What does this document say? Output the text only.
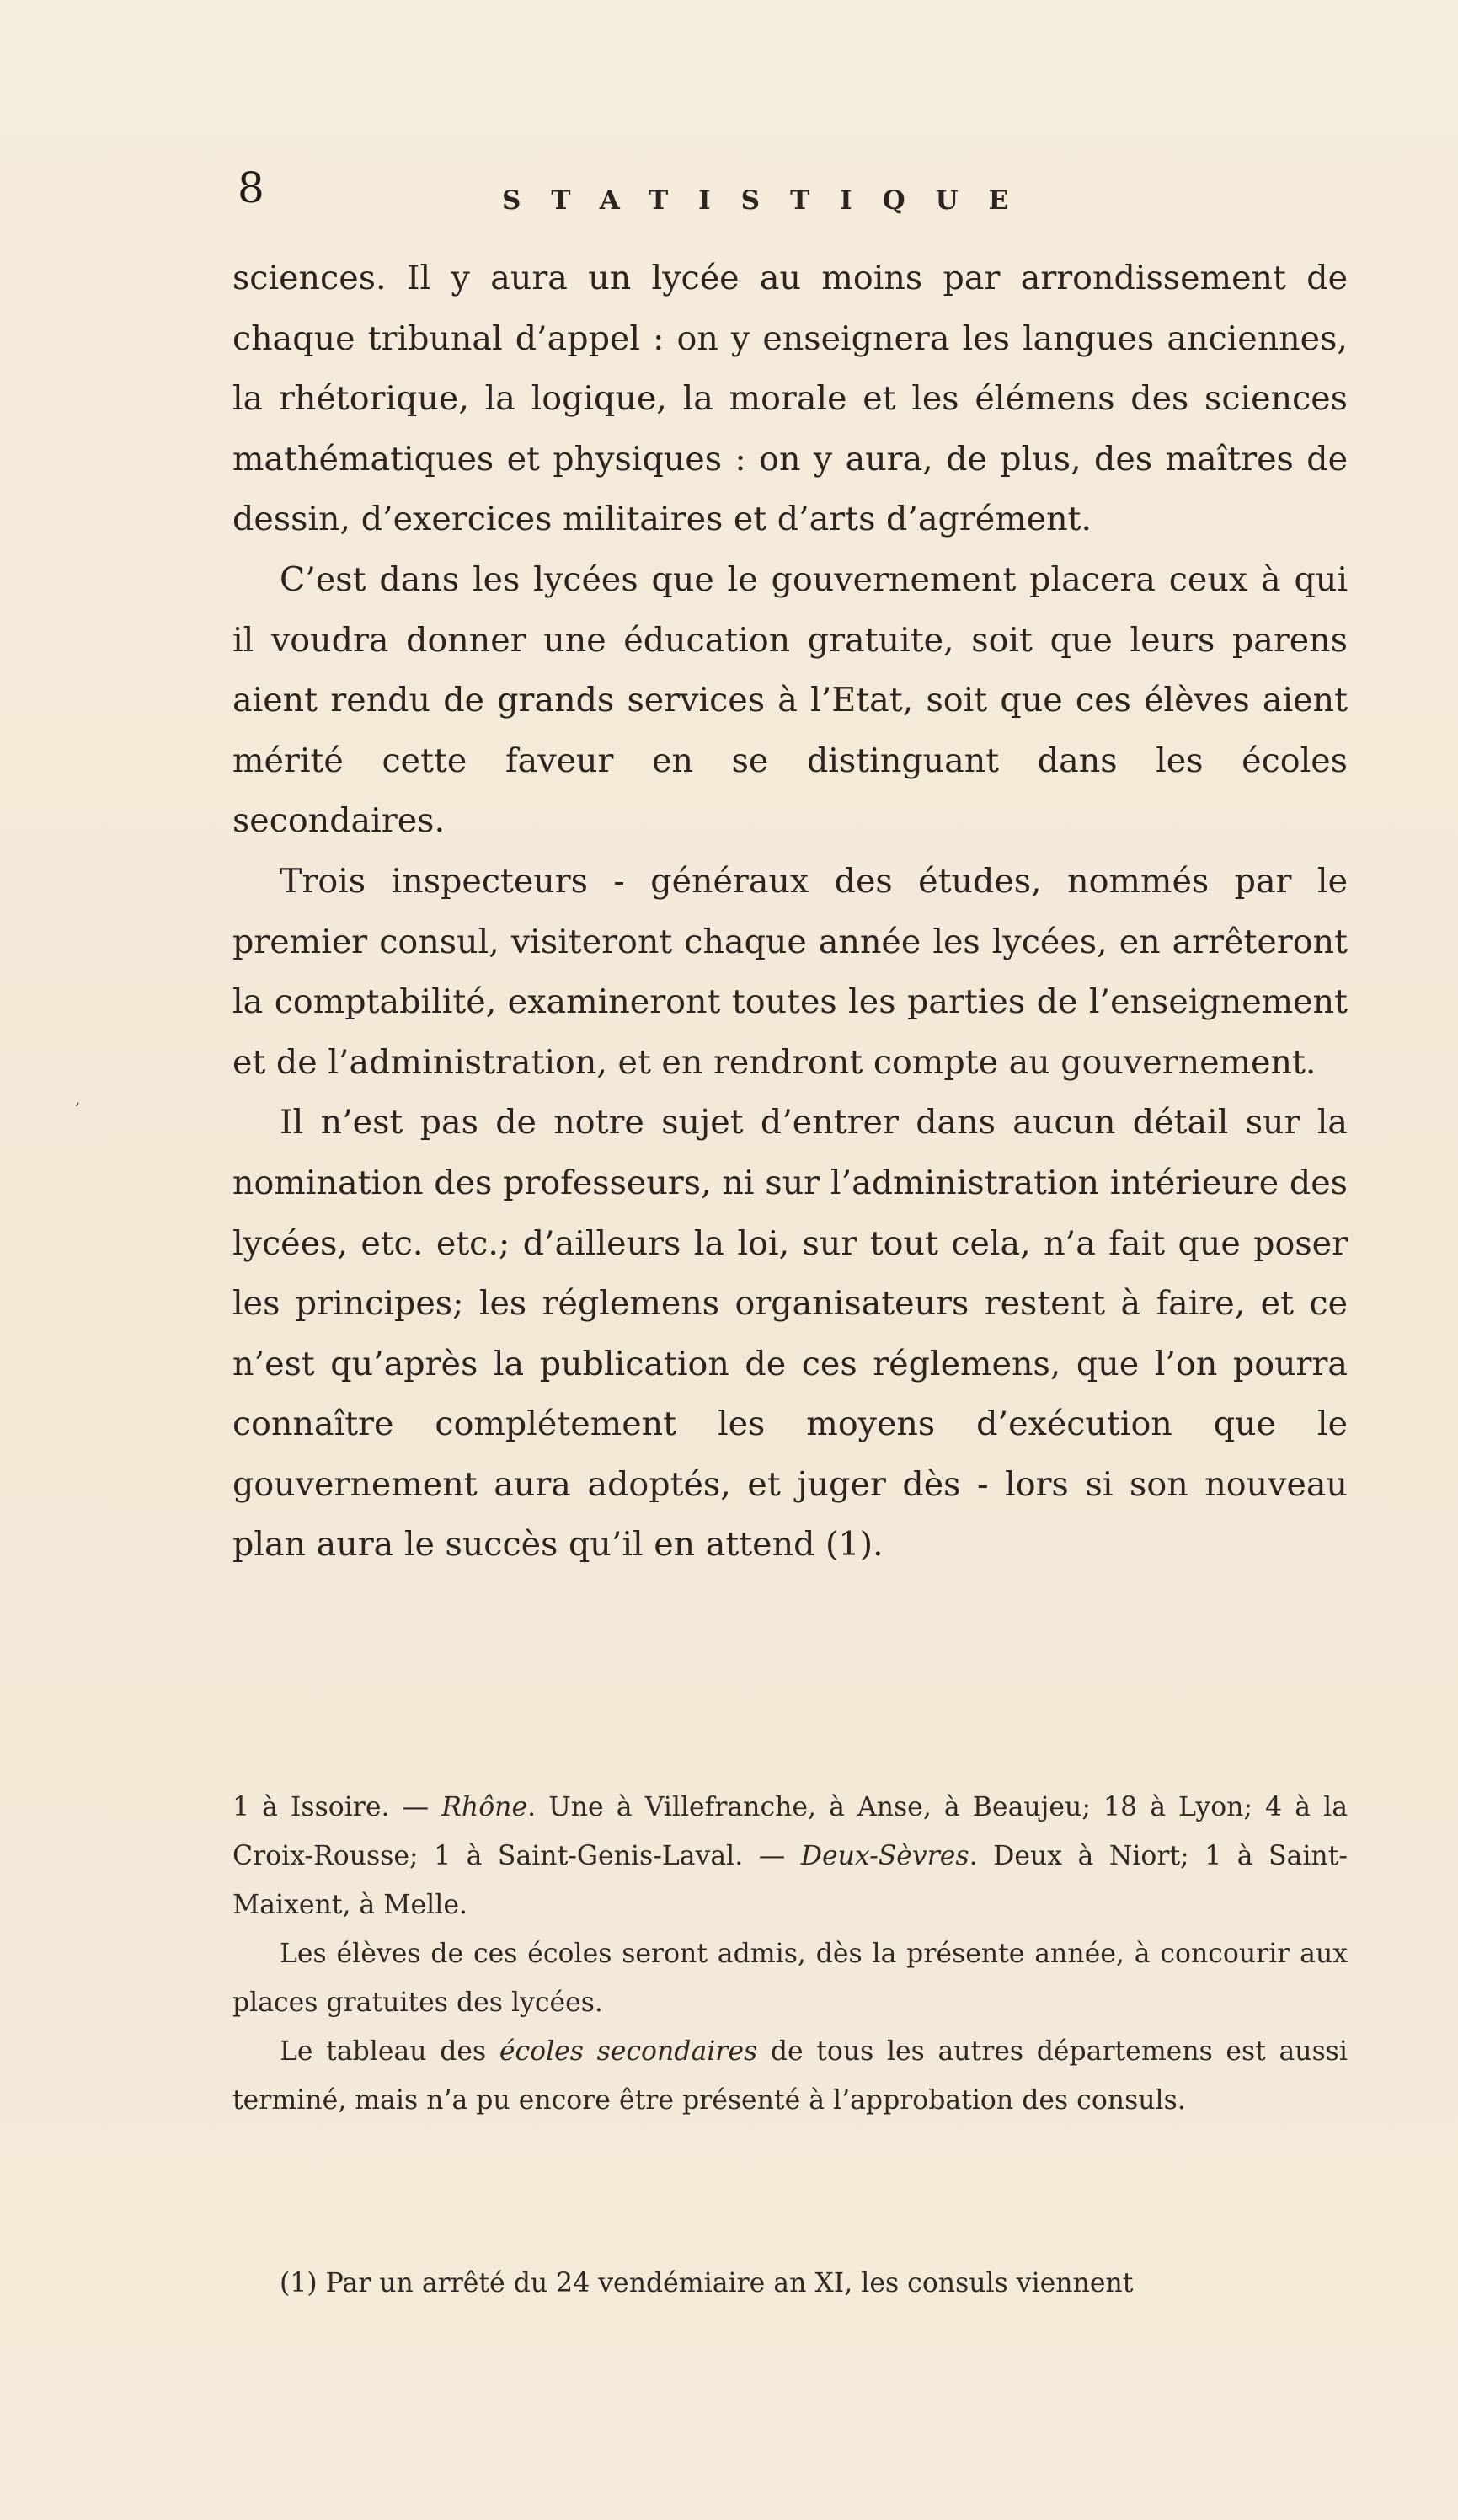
8	STATISTIQUE

sciences. Il y aura un lycée au moins par arrondissement de chaque tribunal d’appel : on y enseignera les langues anciennes, la rhétorique, la logique, la morale et les élémens des sciences mathématiques et physiques : on y aura, de plus, des maîtres de dessin, d’exercices militaires et d’arts d’agrément.

C’est dans les lycées que le gouvernement placera ceux à qui il voudra donner une éducation gratuite, soit que leurs parens aient rendu de grands services à l’Etat, soit que ces élèves aient mérité cette faveur en se distinguant dans les écoles secondaires.

Trois inspecteurs - généraux des études, nommés par le premier consul, visiteront chaque année les lycées, en arrêteront la comptabilité, examineront toutes les parties de l’enseignement et de l’administration, et en rendront compte au gouvernement.

Il n’est pas de notre sujet d’entrer dans aucun détail sur la nomination des professeurs, ni sur l’administration intérieure des lycées, etc. etc.; d’ailleurs la loi, sur tout cela, n’a fait que poser les principes; les réglemens organisateurs restent à faire, et ce n’est qu’après la publication de ces réglemens, que l’on pourra connaître complétement les moyens d’exécution que le gouvernement aura adoptés, et juger dès - lors si son nouveau plan aura le succès qu’il en attend (1).

ʼ

1 à Issoire. — Rhône. Une à Villefranche, à Anse, à Beaujeu; 18 à Lyon; 4 à la Croix-Rousse; 1 à Saint-Genis-Laval. — Deux-Sèvres. Deux à Niort; 1 à Saint-Maixent, à Melle.

Les élèves de ces écoles seront admis, dès la présente année, à concourir aux places gratuites des lycées.

Le tableau des écoles secondaires de tous les autres départemens est aussi terminé, mais n’a pu encore être présenté à l’approbation des consuls.

(1) Par un arrêté du 24 vendémiaire an XI, les consuls viennent
